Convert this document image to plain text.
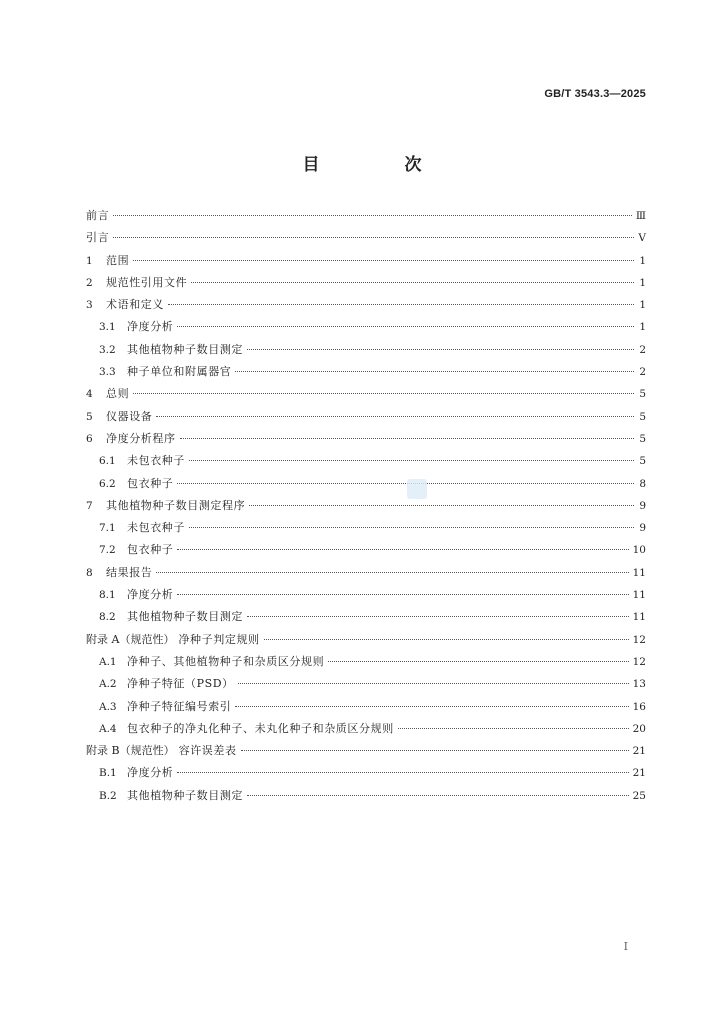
GB/T 3543.3—2025
目　次
前言	Ⅲ
引言	Ⅴ
1	范围	1
2	规范性引用文件	1
3	术语和定义	1
3.1	净度分析	1
3.2	其他植物种子数目测定	2
3.3	种子单位和附属器官	2
4	总则	5
5	仪器设备	5
6	净度分析程序	5
6.1	未包衣种子	5
6.2	包衣种子	8
7	其他植物种子数目测定程序	9
7.1	未包衣种子	9
7.2	包衣种子	10
8	结果报告	11
8.1	净度分析	11
8.2	其他植物种子数目测定	11
附录 A（规范性） 净种子判定规则	12
A.1 净种子、其他植物种子和杂质区分规则	12
A.2 净种子特征（PSD）	13
A.3 净种子特征编号索引	16
A.4 包衣种子的净丸化种子、未丸化种子和杂质区分规则	20
附录 B（规范性） 容许误差表	21
B.1 净度分析	21
B.2 其他植物种子数目测定	25
Ⅰ
